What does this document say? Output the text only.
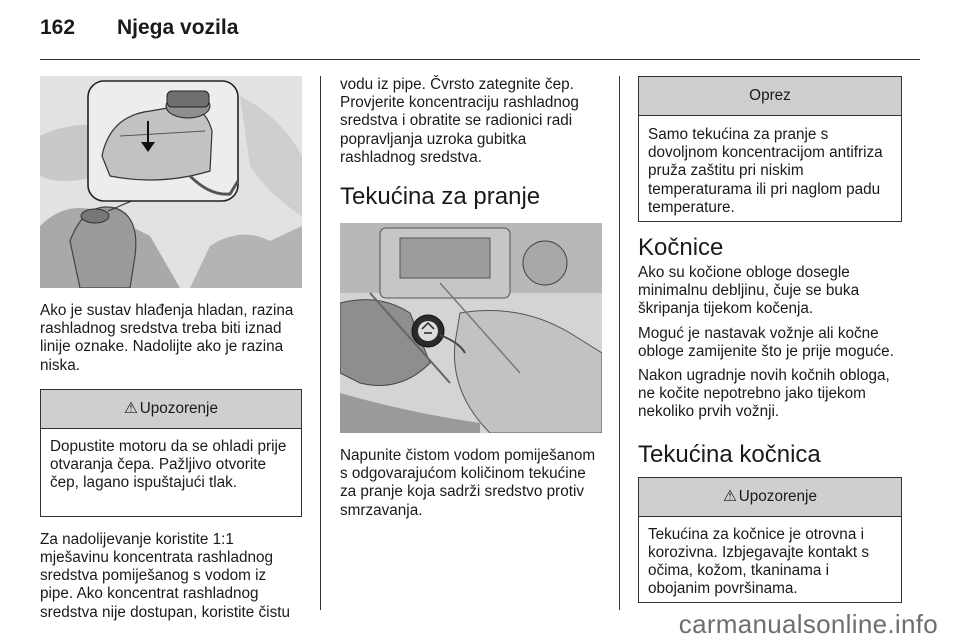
162 Njega vozila

Ako je sustav hlađenja hladan, razina rashladnog sredstva treba biti iznad linije oznake. Nadolijte ako je razina niska.

⚠ Upozorenje
Dopustite motoru da se ohladi prije otvaranja čepa. Pažljivo otvorite čep, lagano ispuštajući tlak.

Za nadolijevanje koristite 1:1 mješavinu koncentrata rashladnog sredstva pomiješanog s vodom iz pipe. Ako koncentrat rashladnog sredstva nije dostupan, koristite čistu

vodu iz pipe. Čvrsto zategnite čep. Provjerite koncentraciju rashladnog sredstva i obratite se radionici radi popravljanja uzroka gubitka rashladnog sredstva.

Tekućina za pranje

Napunite čistom vodom pomiješanom s odgovarajućom količinom tekućine za pranje koja sadrži sredstvo protiv smrzavanja.

Oprez
Samo tekućina za pranje s dovoljnom koncentracijom antifriza pruža zaštitu pri niskim temperaturama ili pri naglom padu temperature.
Kočnice

Ako su kočione obloge dosegle minimalnu debljinu, čuje se buka škripanja tijekom kočenja.

Moguć je nastavak vožnje ali kočne obloge zamijenite što je prije moguće.

Nakon ugradnje novih kočnih obloga, ne kočite nepotrebno jako tijekom nekoliko prvih vožnji.

Tekućina kočnica
⚠ Upozorenje
Tekućina za kočnice je otrovna i korozivna. Izbjegavajte kontakt s očima, kožom, tkaninama i obojanim površinama.
carmanualsonline.info
